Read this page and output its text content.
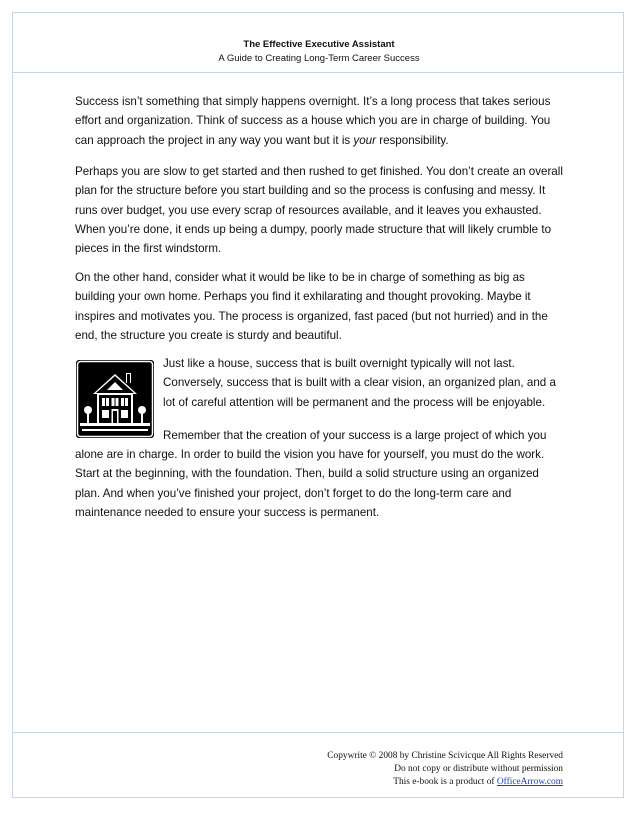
The Effective Executive Assistant
A Guide to Creating Long-Term Career Success

Success isn’t something that simply happens overnight. It’s a long process that takes serious effort and organization. Think of success as a house which you are in charge of building. You can approach the project in any way you want but it is your responsibility.

Perhaps you are slow to get started and then rushed to get finished. You don’t create an overall plan for the structure before you start building and so the process is confusing and messy. It runs over budget, you use every scrap of resources available, and it leaves you exhausted. When you’re done, it ends up being a dumpy, poorly made structure that will likely crumble to pieces in the first windstorm.

On the other hand, consider what it would be like to be in charge of something as big as building your own home. Perhaps you find it exhilarating and thought provoking. Maybe it inspires and motivates you. The process is organized, fast paced (but not hurried) and in the end, the structure you create is sturdy and beautiful.

Just like a house, success that is built overnight typically will not last.
Conversely, success that is built with a clear vision, an organized plan, and a
lot of careful attention will be permanent and the process will be enjoyable.
Remember that the creation of your success is a large project of which you
alone are in charge. In order to build the vision you have for yourself, you must do the work.
Start at the beginning, with the foundation. Then, build a solid structure using an organized
plan. And when you’ve finished your project, don’t forget to do the long-term care and
maintenance needed to ensure your success is permanent.
Copywrite © 2008 by Christine Scivicque All Rights Reserved
Do not copy or distribute without permission
This e-book is a product of OfficeArrow.com
